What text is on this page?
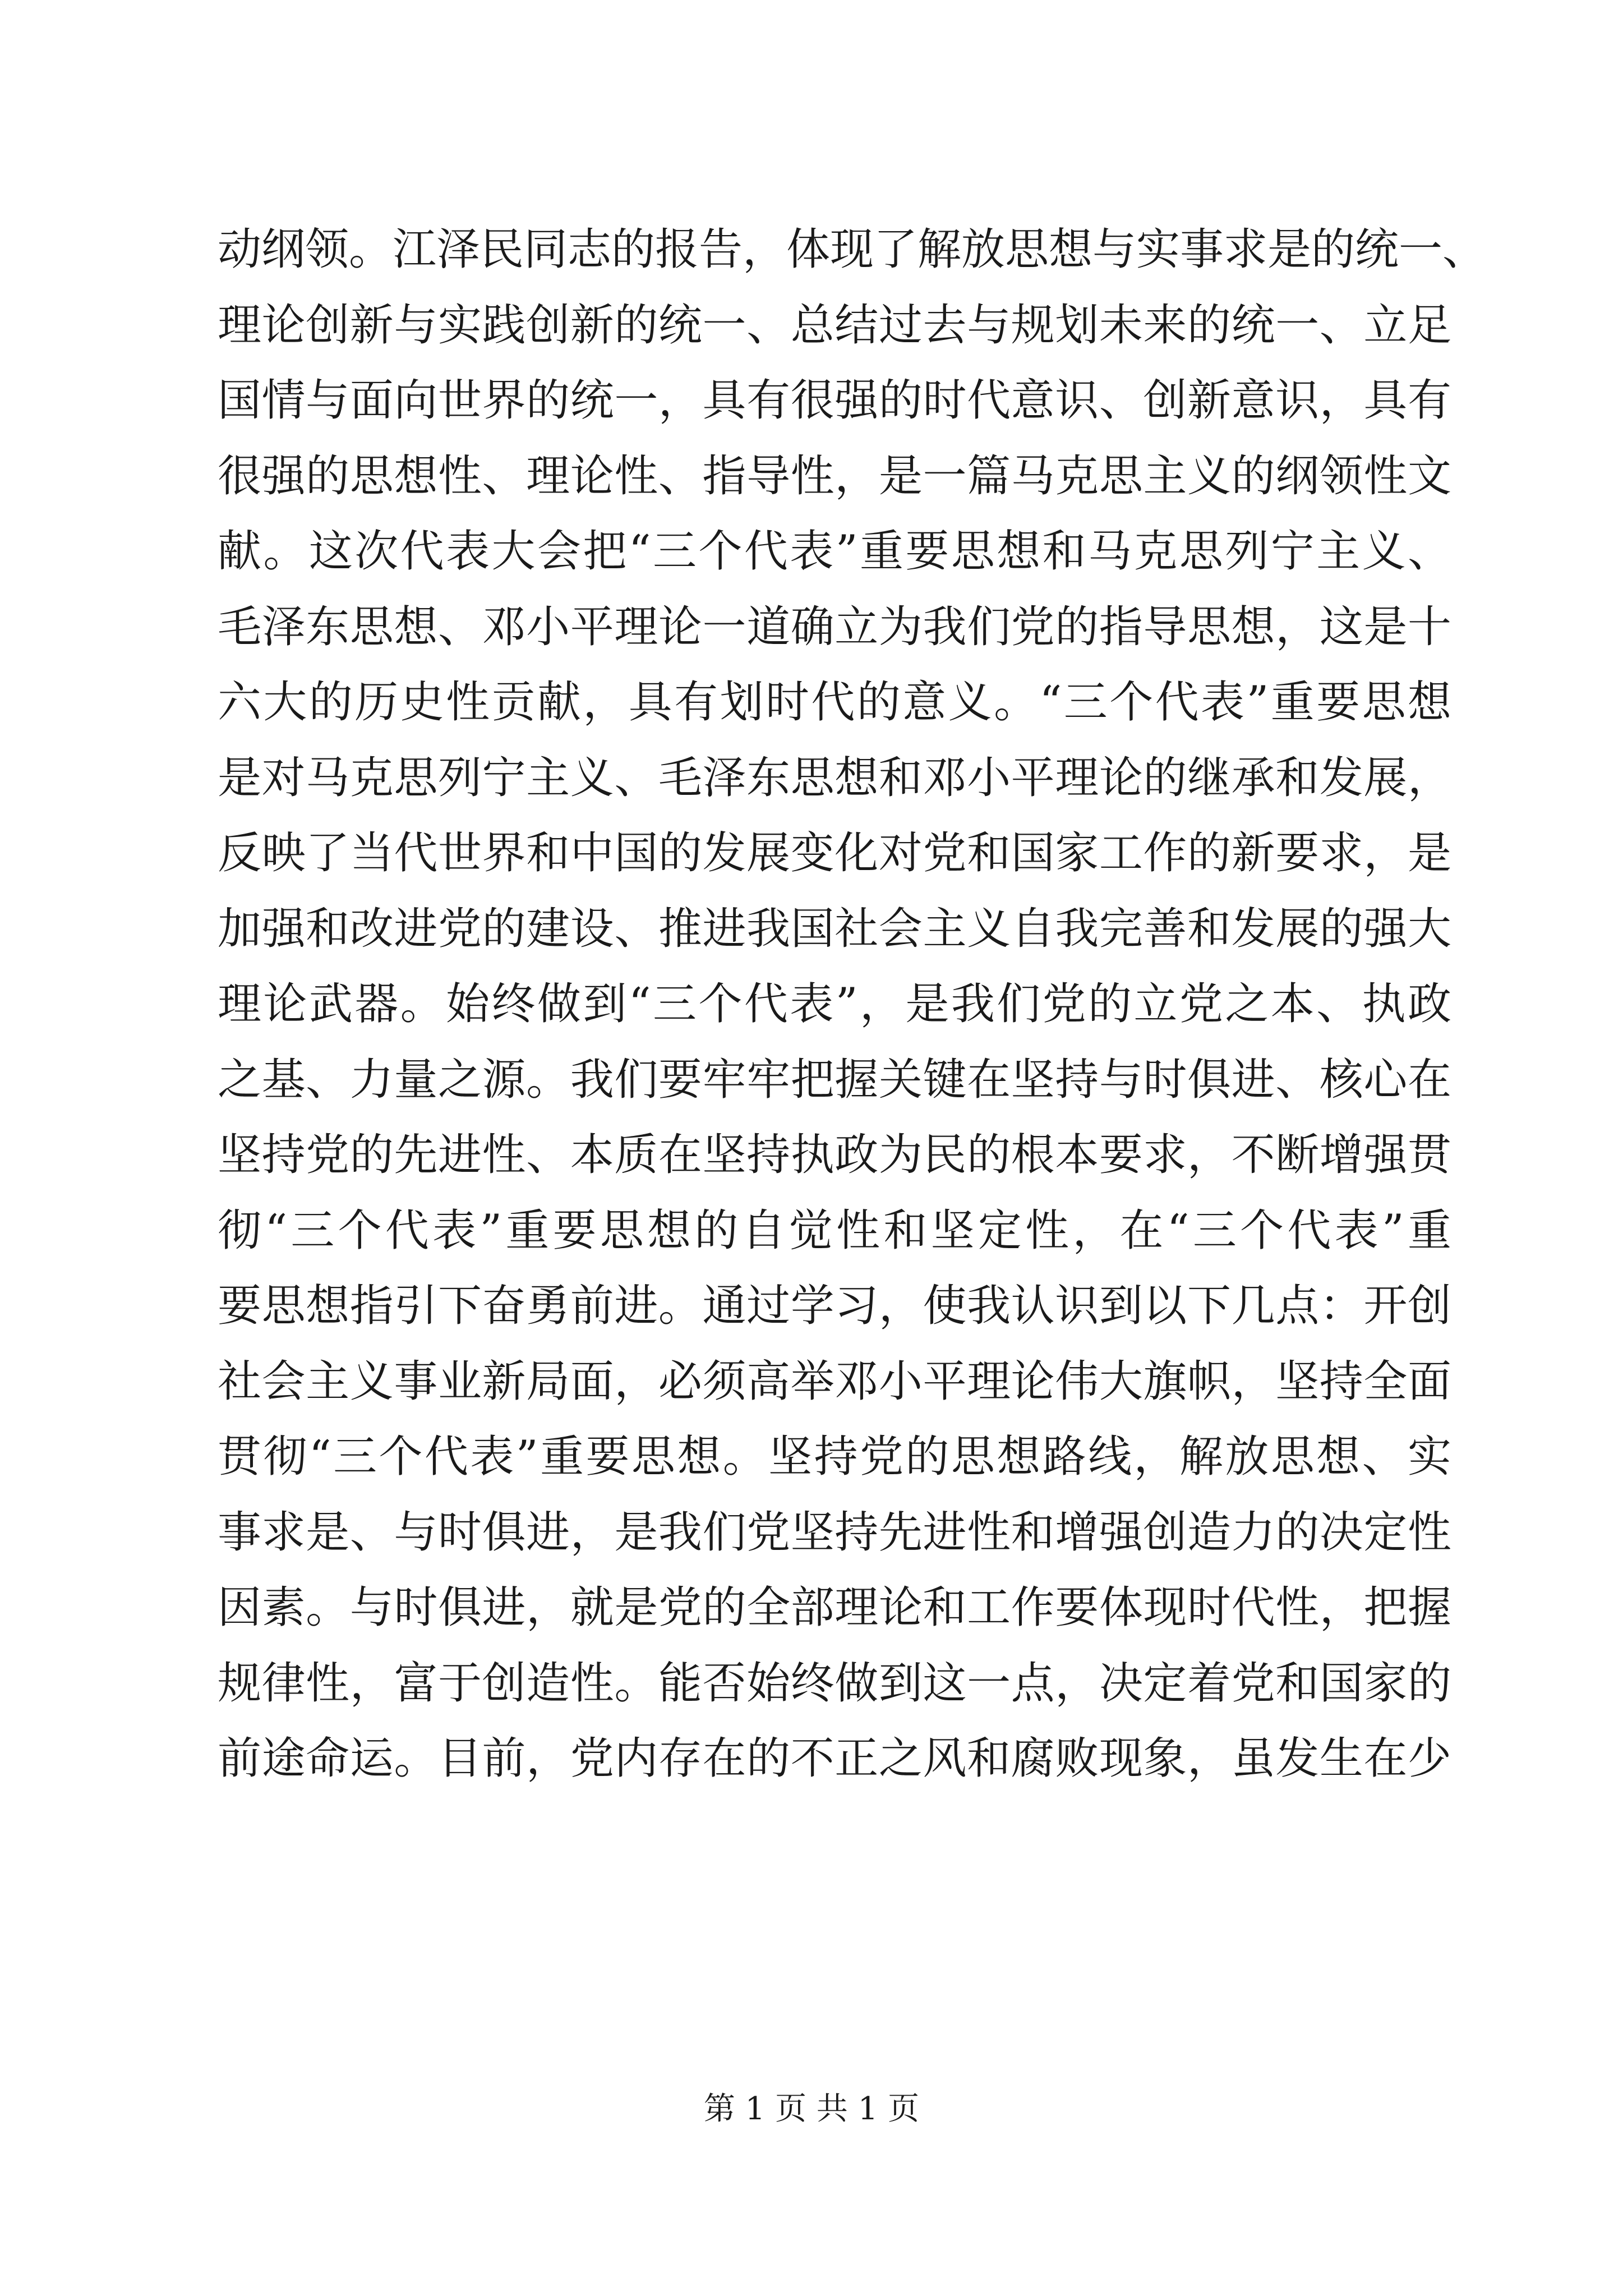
动纲领。江泽民同志的报告，体现了解放思想与实事求是的统一、
理论创新与实践创新的统一、总结过去与规划未来的统一、立足
国情与面向世界的统一，具有很强的时代意识、创新意识，具有
很强的思想性、理论性、指导性，是一篇马克思主义的纲领性文
献。这次代表大会把“三个代表”重要思想和马克思列宁主义、
毛泽东思想、邓小平理论一道确立为我们党的指导思想，这是十
六大的历史性贡献，具有划时代的意义。“三个代表”重要思想
是对马克思列宁主义、毛泽东思想和邓小平理论的继承和发展，
反映了当代世界和中国的发展变化对党和国家工作的新要求，是
加强和改进党的建设、推进我国社会主义自我完善和发展的强大
理论武器。始终做到“三个代表”，是我们党的立党之本、执政
之基、力量之源。我们要牢牢把握关键在坚持与时俱进、核心在
坚持党的先进性、本质在坚持执政为民的根本要求，不断增强贯
彻“三个代表”重要思想的自觉性和坚定性，在“三个代表”重
要思想指引下奋勇前进。通过学习，使我认识到以下几点：开创
社会主义事业新局面，必须高举邓小平理论伟大旗帜，坚持全面
贯彻“三个代表”重要思想。坚持党的思想路线，解放思想、实
事求是、与时俱进，是我们党坚持先进性和增强创造力的决定性
因素。与时俱进，就是党的全部理论和工作要体现时代性，把握
规律性，富于创造性。能否始终做到这一点，决定着党和国家的
前途命运。目前，党内存在的不正之风和腐败现象，虽发生在少
第 1 页 共 1 页
